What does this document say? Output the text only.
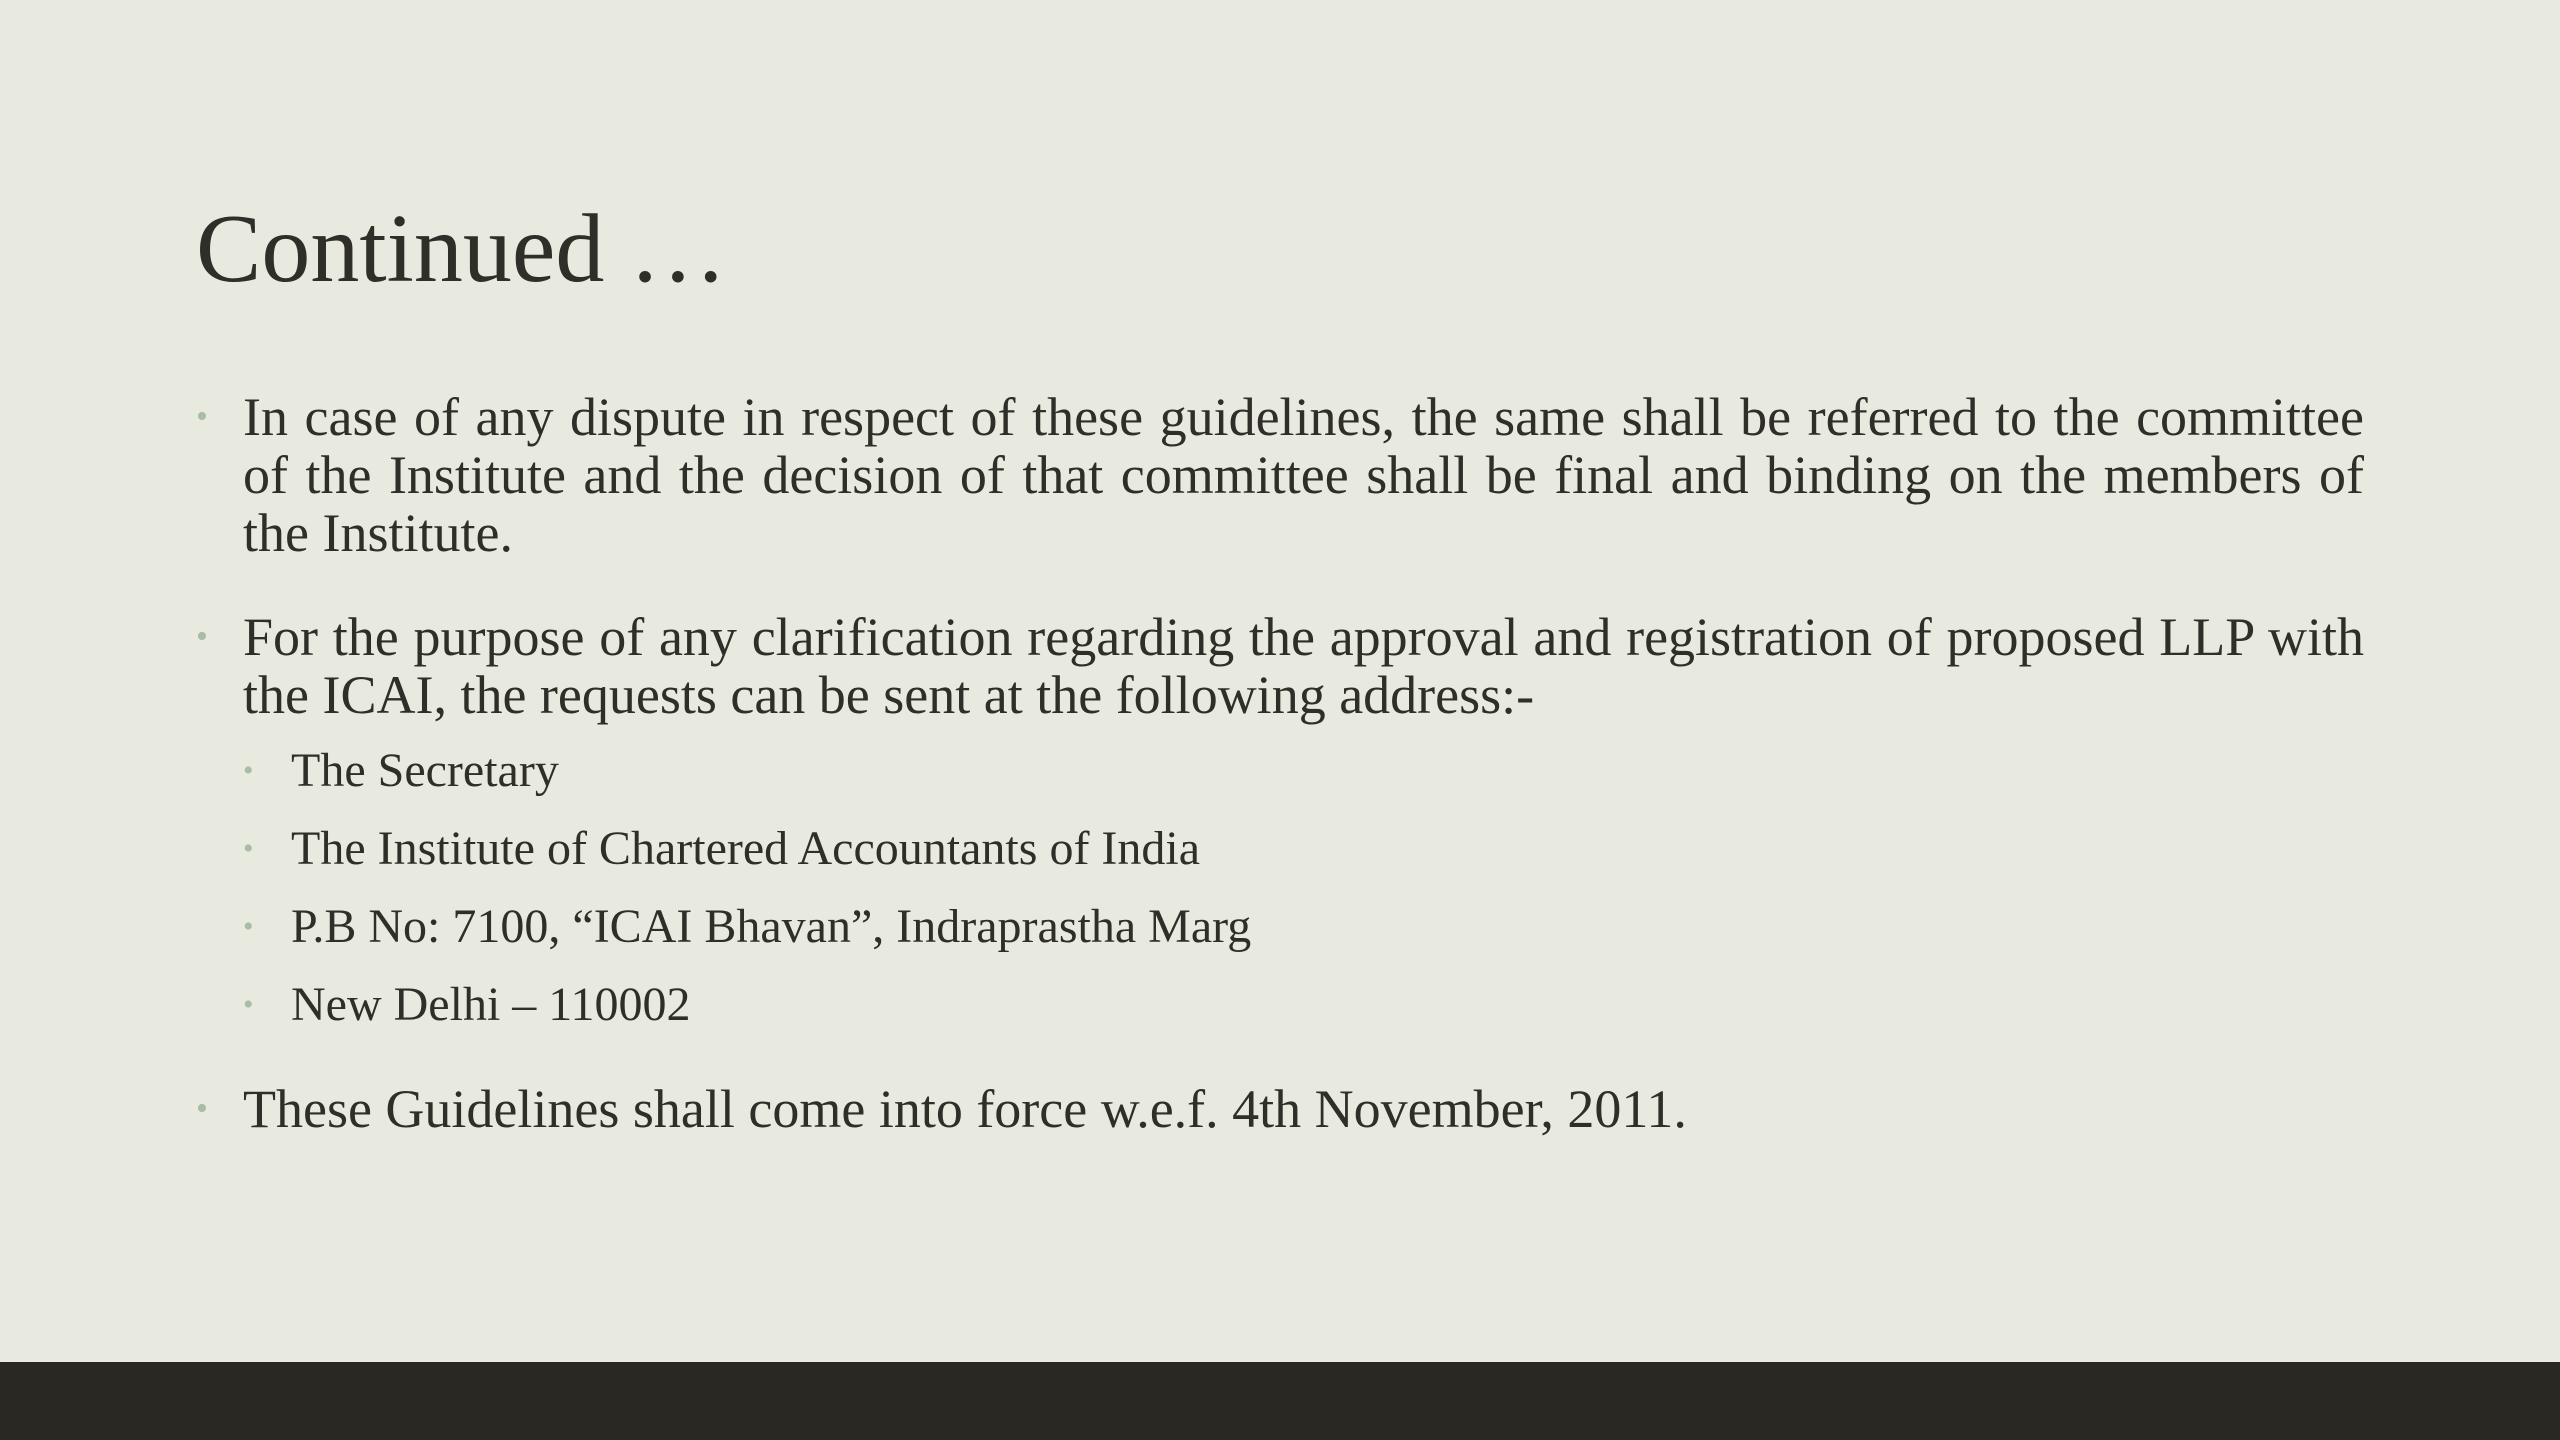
Continued …
• In case of any dispute in respect of these guidelines, the same shall be referred to the committee of the Institute and the decision of that committee shall be final and binding on the members of the Institute.
• For the purpose of any clarification regarding the approval and registration of proposed LLP with the ICAI, the requests can be sent at the following address:-
• The Secretary
• The Institute of Chartered Accountants of India
• P.B No: 7100, “ICAI Bhavan”, Indraprastha Marg
• New Delhi – 110002
• These Guidelines shall come into force w.e.f. 4th November, 2011.
